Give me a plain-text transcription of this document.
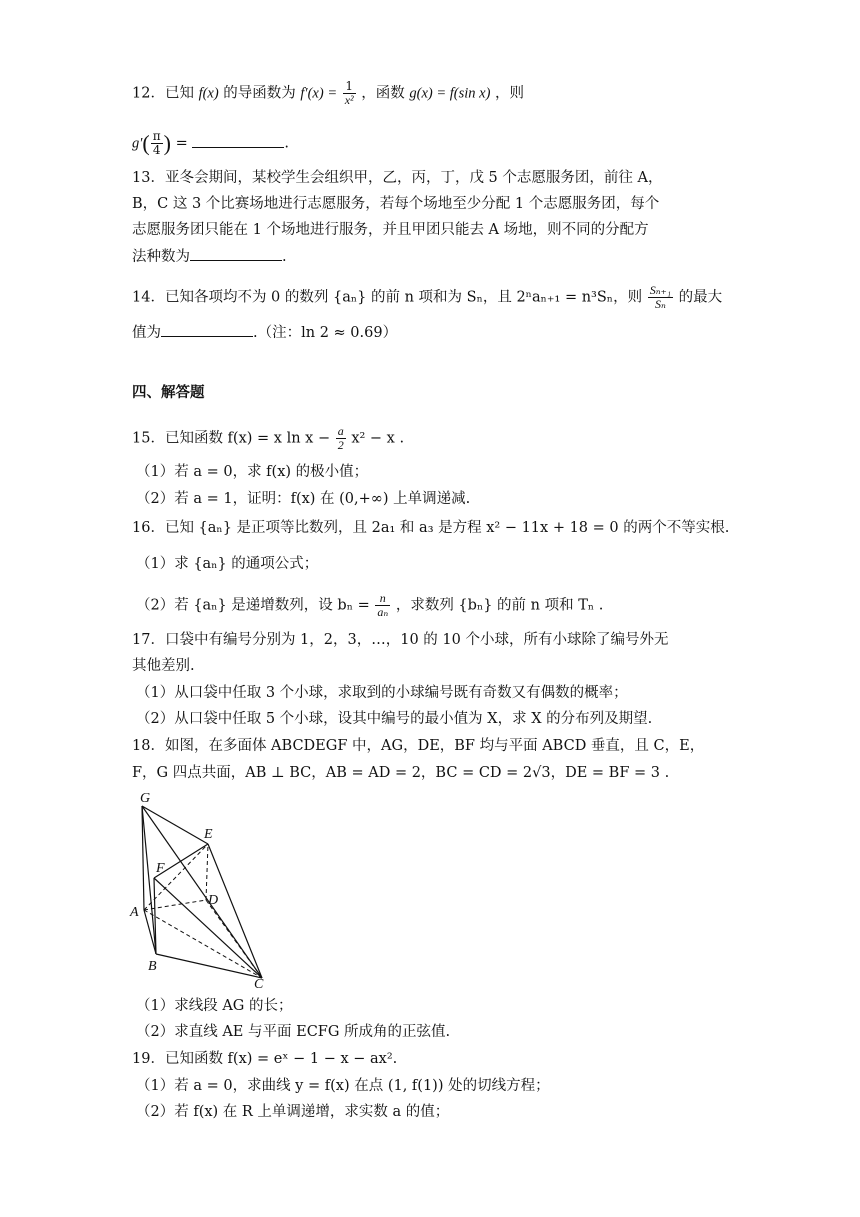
12．已知 f(x) 的导函数为 $f'(x) = \frac{1}{\text{x²}}$ ，函数 g(x) = f(sin x) ，则
$g'( \frac{\pi}{4}$ ) =	.
13．亚冬会期间，某校学生会组织甲，乙，丙，丁，戊 5 个志愿服务团，前往 A，
B，C 这 3 个比赛场地进行志愿服务，若每个场地至少分配 1 个志愿服务团，每个
志愿服务团只能在 1 个场地进行服务，并且甲团只能去 A 场地，则不同的分配方
法种数为	.
14．已知各项均不为 0 的数列 {aₙ} 的前 n 项和为 Sₙ，且 2ⁿaₙ₊₁ = n³Sₙ，则 $\frac{\text{Sₙ₊₁}}{\text{Sₙ}}$ 的最大
值为	.（注：ln 2 ≈ 0.69）
四、解答题
15．已知函数 f(x) = x $\ln x - \frac{a}{2} x^2 - x$ .
（1）若 a = 0，求 f(x) 的极小值；
（2）若 a = 1，证明：f(x) 在 (0,+∞) 上单调递减.
16．已知 {aₙ} 是正项等比数列，且 2a₁ 和 a₃ 是方程 x² − 11x + 18 = 0 的两个不等实根.
（1）求 {aₙ} 的通项公式；
（2）若 {aₙ} 是递增数列，设 $b_n = \frac{n}{\text{aₙ}}$ ，求数列 {bₙ} 的前 n 项和 Tₙ .
17．口袋中有编号分别为 1，2，3，…，10 的 10 个小球，所有小球除了编号外无
其他差别.
（1）从口袋中任取 3 个小球，求取到的小球编号既有奇数又有偶数的概率；
（2）从口袋中任取 5 个小球，设其中编号的最小值为 X，求 X 的分布列及期望.
18．如图，在多面体 ABCDEGF 中，AG，DE，BF 均与平面 ABCD 垂直，且 C，E，
F，G 四点共面，AB ⊥ BC，AB = AD = 2，BC = CD = 2√3，DE = BF = 3 .
G
E
F
D
A
B
C
（1）求线段 AG 的长；
（2）求直线 AE 与平面 ECFG 所成角的正弦值.
19．已知函数 f(x) = eˣ − 1 − x − ax².
（1）若 a = 0，求曲线 y = f(x) 在点 (1, f(1)) 处的切线方程；
（2）若 f(x) 在 R 上单调递增，求实数 a 的值；
